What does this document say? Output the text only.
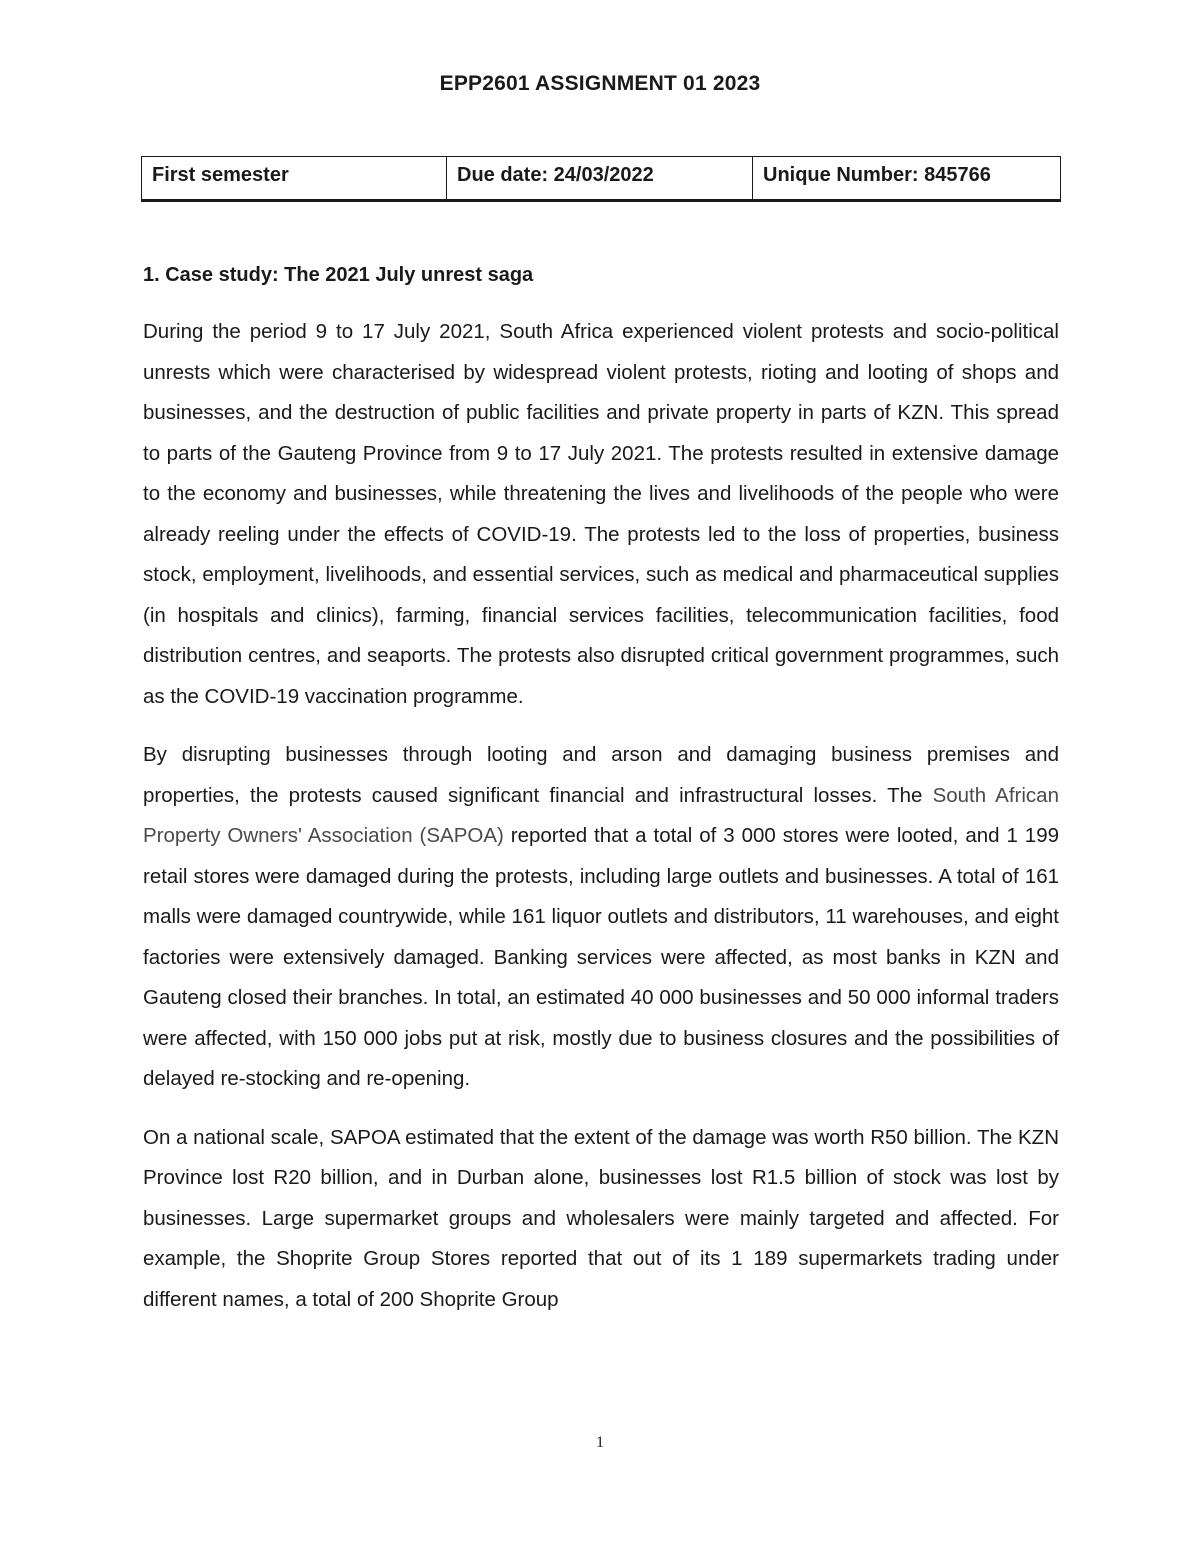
EPP2601 ASSIGNMENT 01 2023
First semester	Due date: 24/03/2022	Unique Number: 845766
1. Case study: The 2021 July unrest saga

During the period 9 to 17 July 2021, South Africa experienced violent protests and socio-political unrests which were characterised by widespread violent protests, rioting and looting of shops and businesses, and the destruction of public facilities and private property in parts of KZN. This spread to parts of the Gauteng Province from 9 to 17 July 2021. The protests resulted in extensive damage to the economy and businesses, while threatening the lives and livelihoods of the people who were already reeling under the effects of COVID-19. The protests led to the loss of properties, business stock, employment, livelihoods, and essential services, such as medical and pharmaceutical supplies (in hospitals and clinics), farming, financial services facilities, telecommunication facilities, food distribution centres, and seaports. The protests also disrupted critical government programmes, such as the COVID-19 vaccination programme.

By disrupting businesses through looting and arson and damaging business premises and properties, the protests caused significant financial and infrastructural losses. The South African Property Owners' Association (SAPOA) reported that a total of 3 000 stores were looted, and 1 199 retail stores were damaged during the protests, including large outlets and businesses. A total of 161 malls were damaged countrywide, while 161 liquor outlets and distributors, 11 warehouses, and eight factories were extensively damaged. Banking services were affected, as most banks in KZN and Gauteng closed their branches. In total, an estimated 40 000 businesses and 50 000 informal traders were affected, with 150 000 jobs put at risk, mostly due to business closures and the possibilities of delayed re-stocking and re-opening.

On a national scale, SAPOA estimated that the extent of the damage was worth R50 billion. The KZN Province lost R20 billion, and in Durban alone, businesses lost R1.5 billion of stock was lost by businesses. Large supermarket groups and wholesalers were mainly targeted and affected. For example, the Shoprite Group Stores reported that out of its 1 189 supermarkets trading under different names, a total of 200 Shoprite Group

1
